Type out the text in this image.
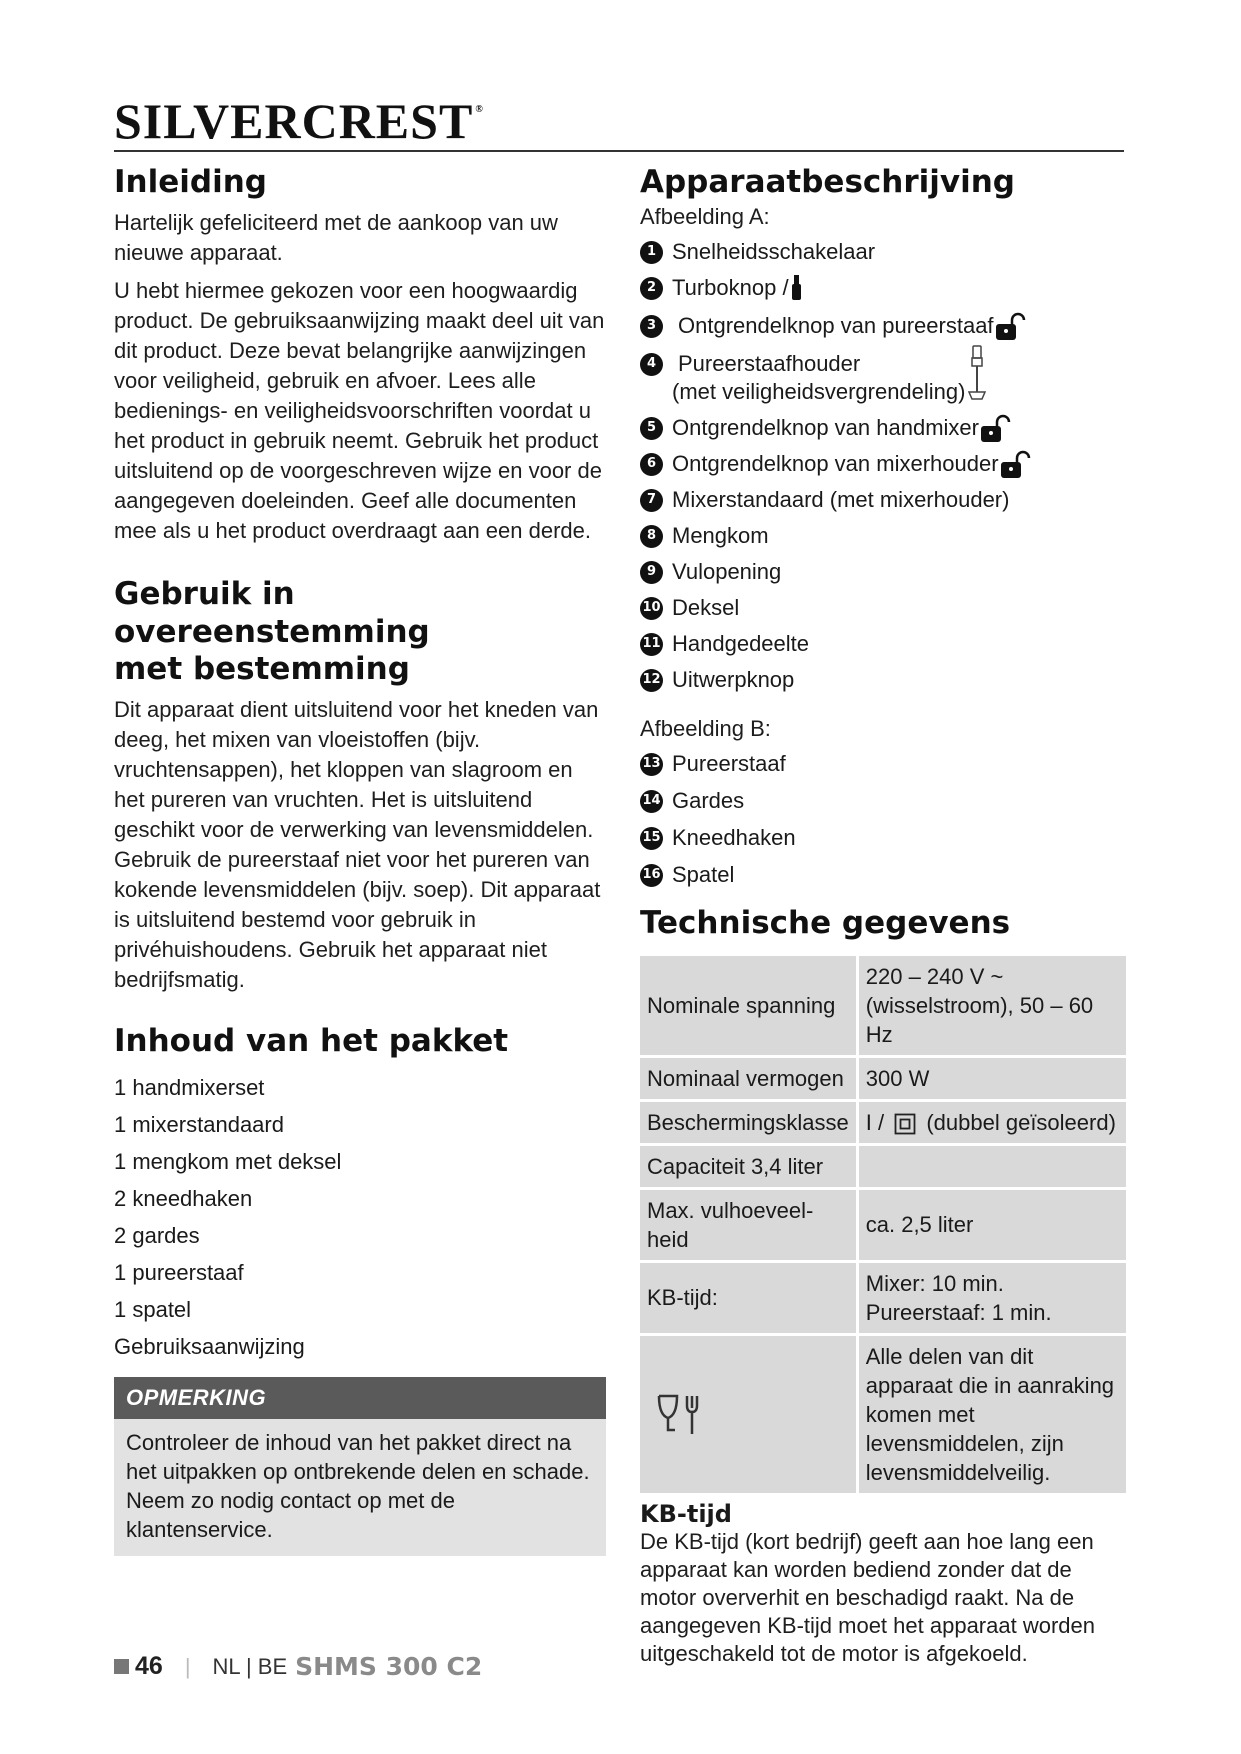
SILVERCREST ®
Inleiding

Hartelijk gefeliciteerd met de aankoop van uw nieuwe apparaat.

U hebt hiermee gekozen voor een hoogwaardig product. De gebruiksaanwijzing maakt deel uit van dit product. Deze bevat belangrijke aanwijzingen voor veiligheid, gebruik en afvoer. Lees alle bedienings- en veiligheidsvoorschriften voordat u het product in gebruik neemt. Gebruik het product uitsluitend op de voorgeschreven wijze en voor de aangegeven doeleinden. Geef alle documenten mee als u het product overdraagt aan een derde.

Gebruik in overeenstemming
met bestemming

Dit apparaat dient uitsluitend voor het kneden van deeg, het mixen van vloeistoffen (bijv. vruchtensappen), het kloppen van slagroom en het pureren van vruchten. Het is uitsluitend geschikt voor de verwerking van levensmiddelen. Gebruik de pureerstaaf niet voor het pureren van kokende levensmiddelen (bijv. soep). Dit apparaat is uitsluitend bestemd voor gebruik in privéhuishoudens. Gebruik het apparaat niet bedrijfsmatig.

Inhoud van het pakket
1 handmixerset
1 mixerstandaard
1 mengkom met deksel
2 kneedhaken
2 gardes
1 pureerstaaf
1 spatel
Gebruiksaanwijzing
OPMERKING
Controleer de inhoud van het pakket direct na het uitpakken op ontbrekende delen en schade. Neem zo nodig contact op met de klantenservice.
Apparaatbeschrijving

Afbeelding A:

1 Snelheidsschakelaar
2 Turboknop /
3 Ontgrendelknop van pureerstaaf
4 Pureerstaafhouder
(met veiligheidsvergrendeling)
5 Ontgrendelknop van handmixer
6 Ontgrendelknop van mixerhouder
7 Mixerstandaard (met mixerhouder)
8 Mengkom
9 Vulopening
10 Deksel
11 Handgedeelte
12 Uitwerpknop

Afbeelding B:

13 Pureerstaaf
14 Gardes
15 Kneedhaken
16 Spatel
Technische gegevens
Nominale spanning	220 – 240 V ~
(wisselstroom), 50 – 60 Hz
Nominaal vermogen	300 W
Beschermingsklasse	I / (dubbel geïsoleerd)
Capaciteit 3,4 liter	
Max. vulhoeveel-heid	ca. 2,5 liter
KB-tijd:	Mixer: 10 min.
Pureerstaaf: 1 min.

	Alle delen van dit apparaat die in aanraking komen met levensmiddelen, zijn levensmiddelveilig.
KB-tijd

De KB-tijd (kort bedrijf) geeft aan hoe lang een apparaat kan worden bediend zonder dat de motor oververhit en beschadigd raakt. Na de aangegeven KB-tijd moet het apparaat worden uitgeschakeld tot de motor is afgekoeld.

46 | NL | BE SHMS 300 C2
